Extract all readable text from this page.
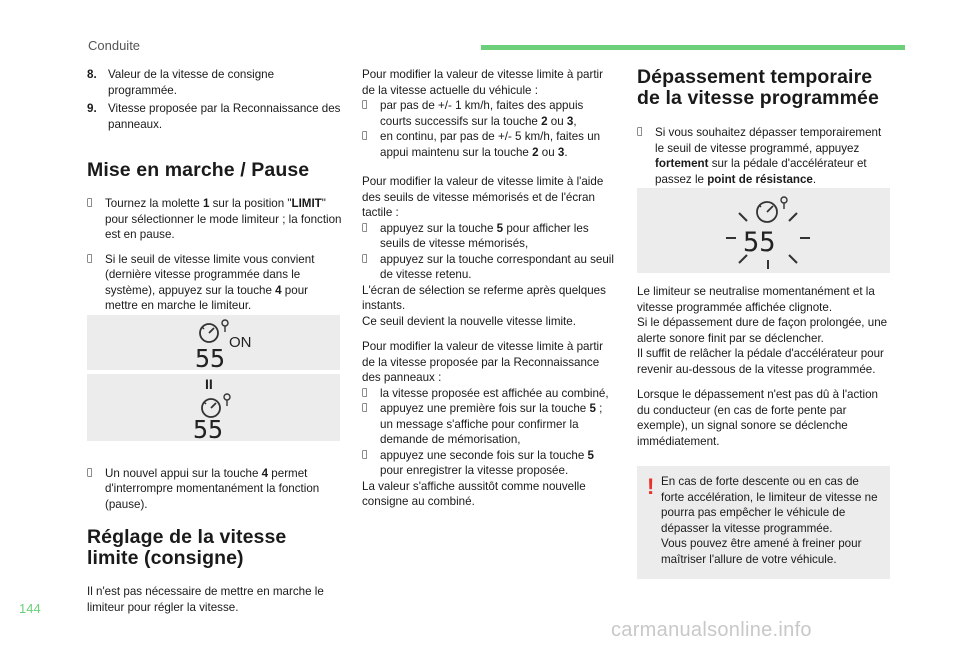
Conduite

8. Valeur de la vitesse de consigne programmée.

9. Vitesse proposée par la Reconnaissance des panneaux.

Mise en marche / Pause

Tournez la molette 1 sur la position "LIMIT" pour sélectionner le mode limiteur ; la fonction est en pause.

Si le seuil de vitesse limite vous convient (dernière vitesse programmée dans le système), appuyez sur la touche 4 pour mettre en marche le limiteur.

Un nouvel appui sur la touche 4 permet d'interrompre momentanément la fonction (pause).

Réglage de la vitesse limite (consigne)

Il n'est pas nécessaire de mettre en marche le limiteur pour régler la vitesse.

55
ON
II
55

Pour modifier la valeur de vitesse limite à partir de la vitesse actuelle du véhicule :

par pas de +/- 1 km/h, faites des appuis courts successifs sur la touche 2 ou 3,

en continu, par pas de +/- 5 km/h, faites un appui maintenu sur la touche 2 ou 3.

Pour modifier la valeur de vitesse limite à l'aide des seuils de vitesse mémorisés et de l'écran tactile :

appuyez sur la touche 5 pour afficher les seuils de vitesse mémorisés,

appuyez sur la touche correspondant au seuil de vitesse retenu.

L'écran de sélection se referme après quelques instants.

Ce seuil devient la nouvelle vitesse limite.

Pour modifier la valeur de vitesse limite à partir de la vitesse proposée par la Reconnaissance des panneaux :

la vitesse proposée est affichée au combiné,

appuyez une première fois sur la touche 5 ; un message s'affiche pour confirmer la demande de mémorisation,

appuyez une seconde fois sur la touche 5 pour enregistrer la vitesse proposée.

La valeur s'affiche aussitôt comme nouvelle consigne au combiné.

Dépassement temporaire de la vitesse programmée

Si vous souhaitez dépasser temporairement le seuil de vitesse programmé, appuyez fortement sur la pédale d'accélérateur et passez le point de résistance.

Le limiteur se neutralise momentanément et la vitesse programmée affichée clignote.

Si le dépassement dure de façon prolongée, une alerte sonore finit par se déclencher.

Il suffit de relâcher la pédale d'accélérateur pour revenir au-dessous de la vitesse programmée.

Lorsque le dépassement n'est pas dû à l'action du conducteur (en cas de forte pente par exemple), un signal sonore se déclenche immédiatement.

55
! En cas de forte descente ou en cas de forte accélération, le limiteur de vitesse ne pourra pas empêcher le véhicule de dépasser la vitesse programmée.
Vous pouvez être amené à freiner pour maîtriser l'allure de votre véhicule.
144
carmanualsonline.info
